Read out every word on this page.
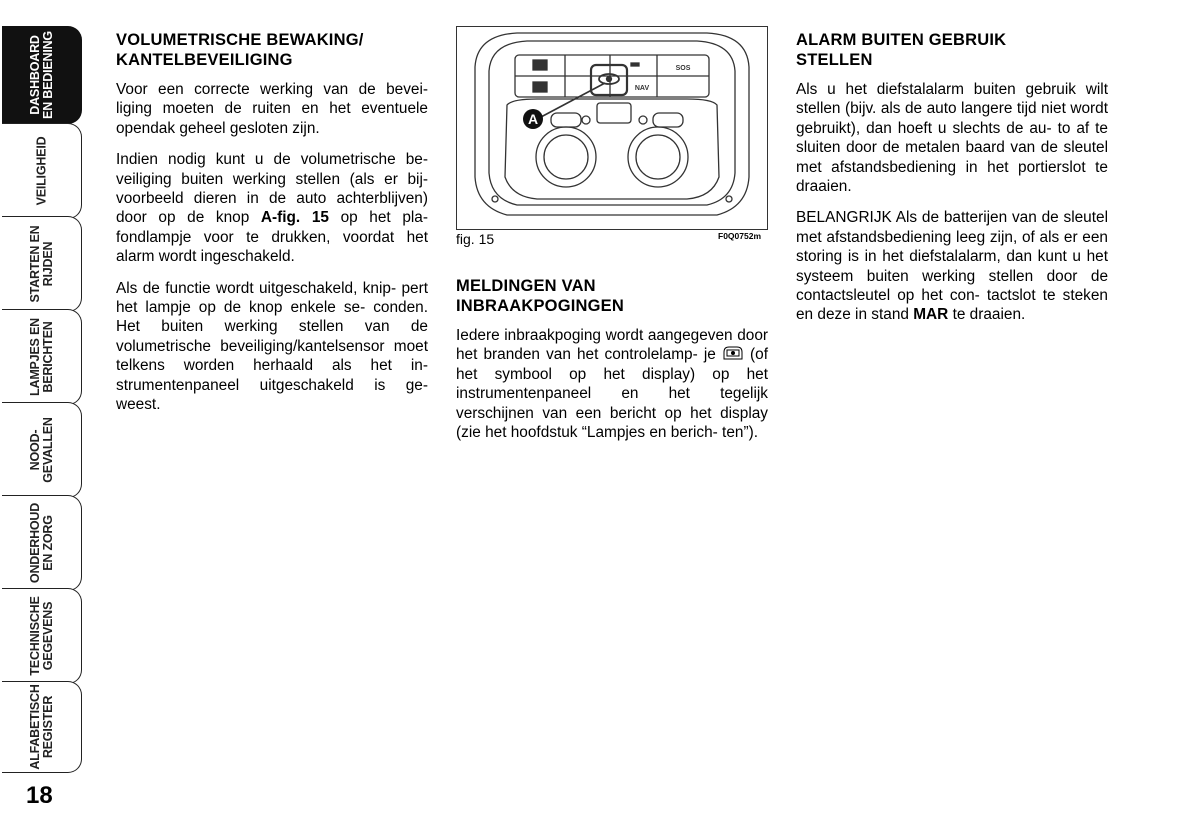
DASHBOARD EN BEDIENING
VEILIGHEID
STARTEN EN RIJDEN
LAMPJES EN BERICHTEN
NOOD- GEVALLEN
ONDERHOUD EN ZORG
TECHNISCHE GEGEVENS
ALFABETISCH REGISTER
18
VOLUMETRISCHE BEWAKING/
KANTELBEVEILIGING

Voor een correcte werking van de bevei- liging moeten de ruiten en het eventuele opendak geheel gesloten zijn.

Indien nodig kunt u de volumetrische be- veiliging buiten werking stellen (als er bij- voorbeeld dieren in de auto achterblijven) door op de knop A-fig. 15 op het pla- fondlampje voor te drukken, voordat het alarm wordt ingeschakeld.

Als de functie wordt uitgeschakeld, knip- pert het lampje op de knop enkele se- conden. Het buiten werking stellen van de volumetrische beveiliging/kantelsensor moet telkens worden herhaald als het in- strumentenpaneel uitgeschakeld is ge- weest.

A
SOS
NAV
fig. 15	F0Q0752m
MELDINGEN VAN
INBRAAKPOGINGEN

Iedere inbraakpoging wordt aangegeven door het branden van het controlelamp- je  (of het symbool op het display) op het instrumentenpaneel en het tegelijk verschijnen van een bericht op het display (zie het hoofdstuk “Lampjes en berich- ten”).

ALARM BUITEN GEBRUIK
STELLEN

Als u het diefstalalarm buiten gebruik wilt stellen (bijv. als de auto langere tijd niet wordt gebruikt), dan hoeft u slechts de au- to af te sluiten door de metalen baard van de sleutel met afstandsbediening in het portierslot te draaien.

BELANGRIJK Als de batterijen van de sleutel met afstandsbediening leeg zijn, of als er een storing is in het diefstalalarm, dan kunt u het systeem buiten werking stellen door de contactsleutel op het con- tactslot te steken en deze in stand MAR te draaien.
